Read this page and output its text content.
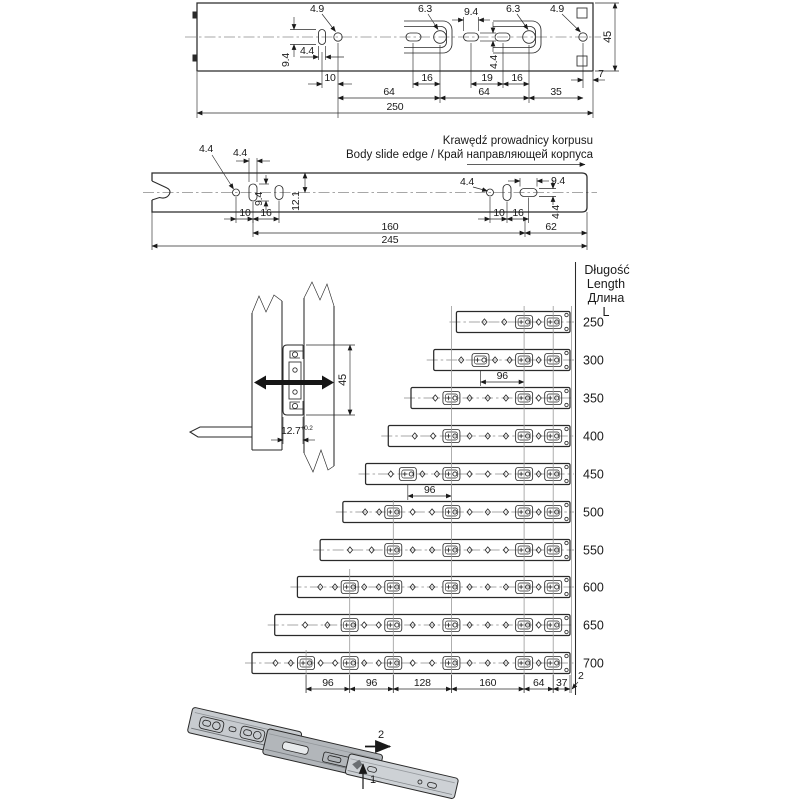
4.9	6.3	9.4	6.3	4.9
45
9.4
4.4
4.4
10	16	19 16
64	64	35
7
250
Krawędź prowadnicy korpusu
Body slide edge / Край направляющей корпуса
4.4 4.4
9.4 12.1
10 16
4.4	9.4
4.4
10 16
160	62
245
45
$12.7^{+0.2}$
Długość
Length
Длина
L
250
300
350
400
450
500
550
600
650
700
96
96
2
96	96	128	160	64 37
2
1
